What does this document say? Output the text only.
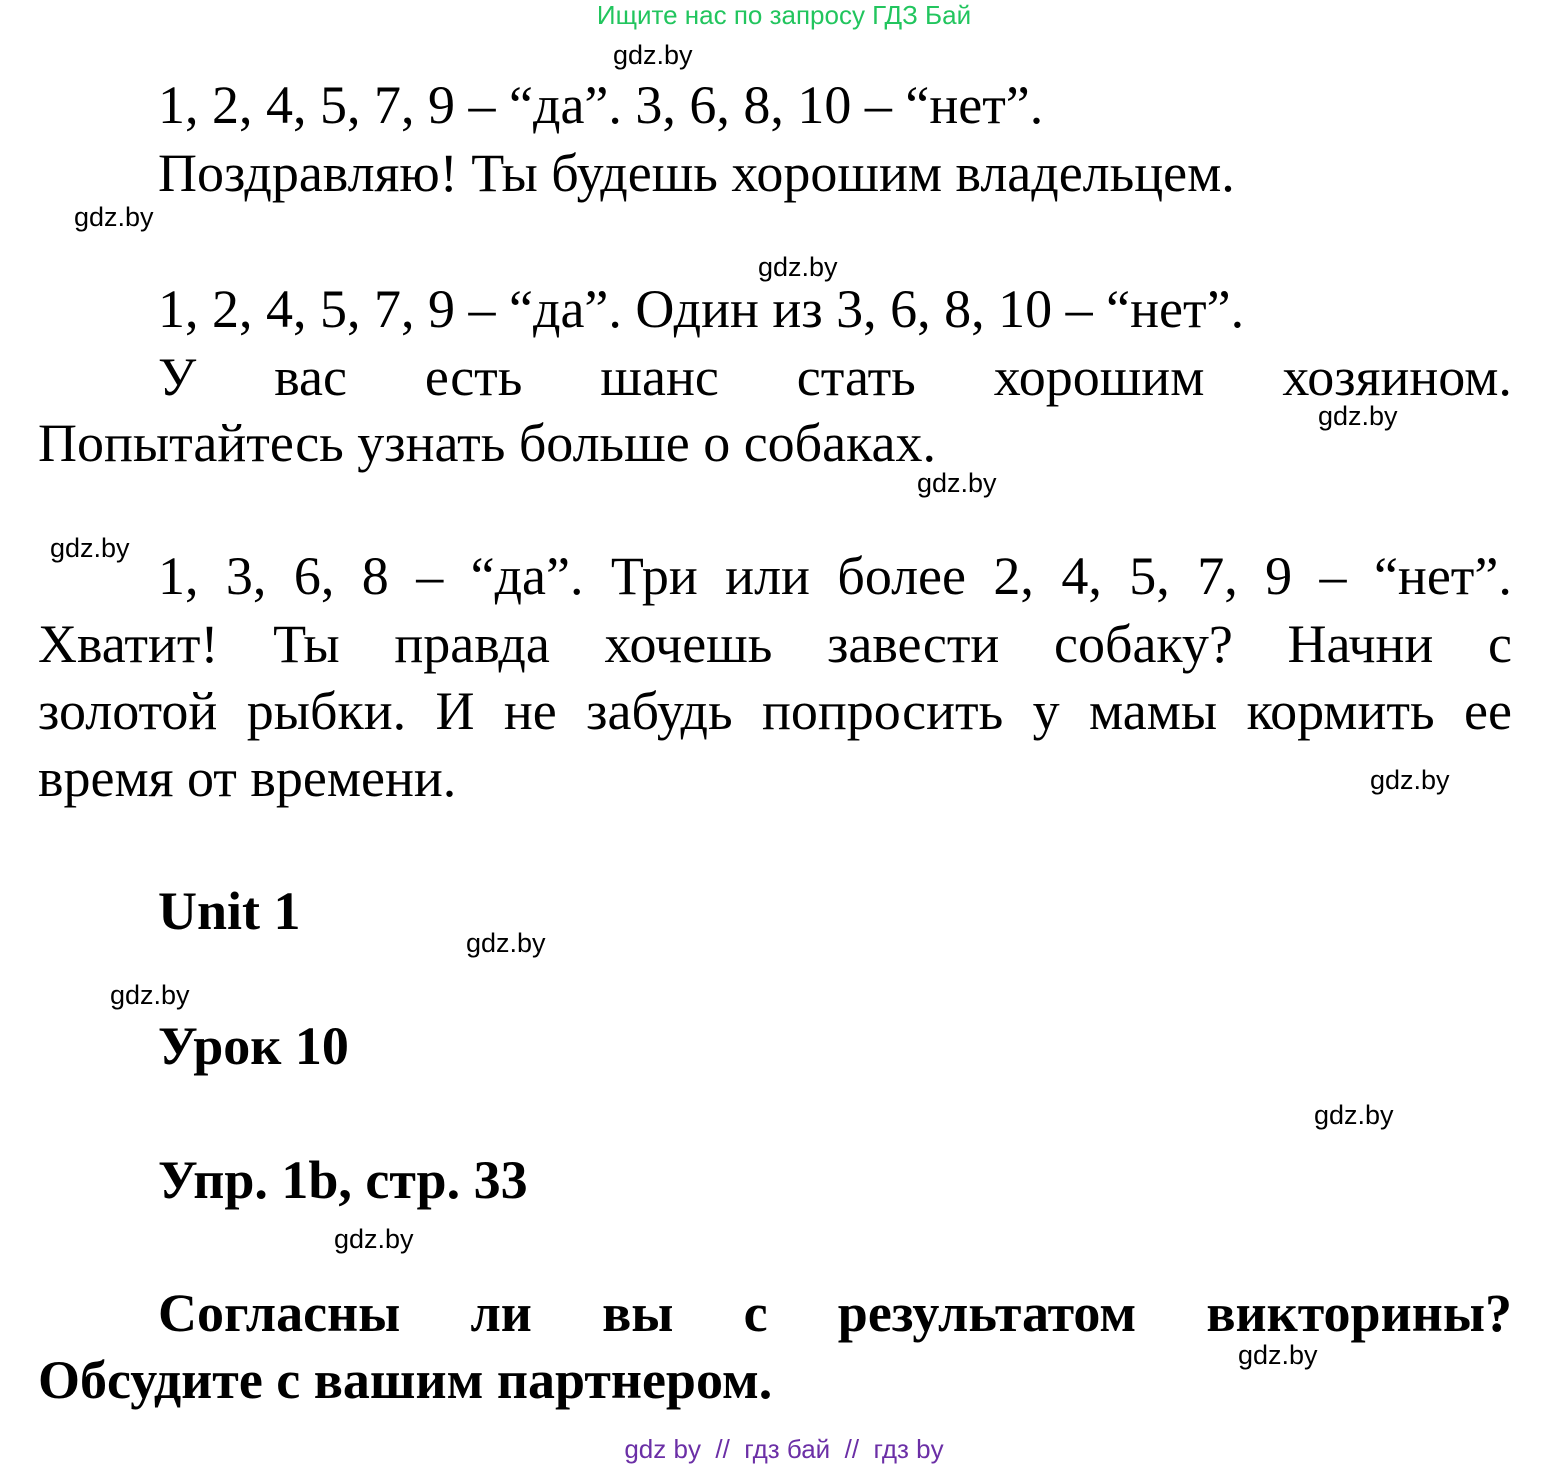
Ищите нас по запросу ГДЗ Бай
1, 2, 4, 5, 7, 9 – “да”. 3, 6, 8, 10 – “нет”.
Поздравляю! Ты будешь хорошим владельцем.
1, 2, 4, 5, 7, 9 – “да”. Один из 3, 6, 8, 10 – “нет”.
У вас есть шанс стать хорошим хозяином.
Попытайтесь узнать больше о собаках.
1, 3, 6, 8 – “да”. Три или более 2, 4, 5, 7, 9 – “нет”.
Хватит! Ты правда хочешь завести собаку? Начни с
золотой рыбки. И не забудь попросить у мамы кормить ее
время от времени.
Unit 1
Урок 10
Упр. 1b, стр. 33
Согласны ли вы с результатом викторины?
Обсудите с вашим партнером.
gdz.by
gdz.by
gdz.by
gdz.by
gdz.by
gdz.by
gdz.by
gdz.by
gdz.by
gdz.by
gdz.by
gdz.by
gdz by  //  гдз бай  //  гдз by
